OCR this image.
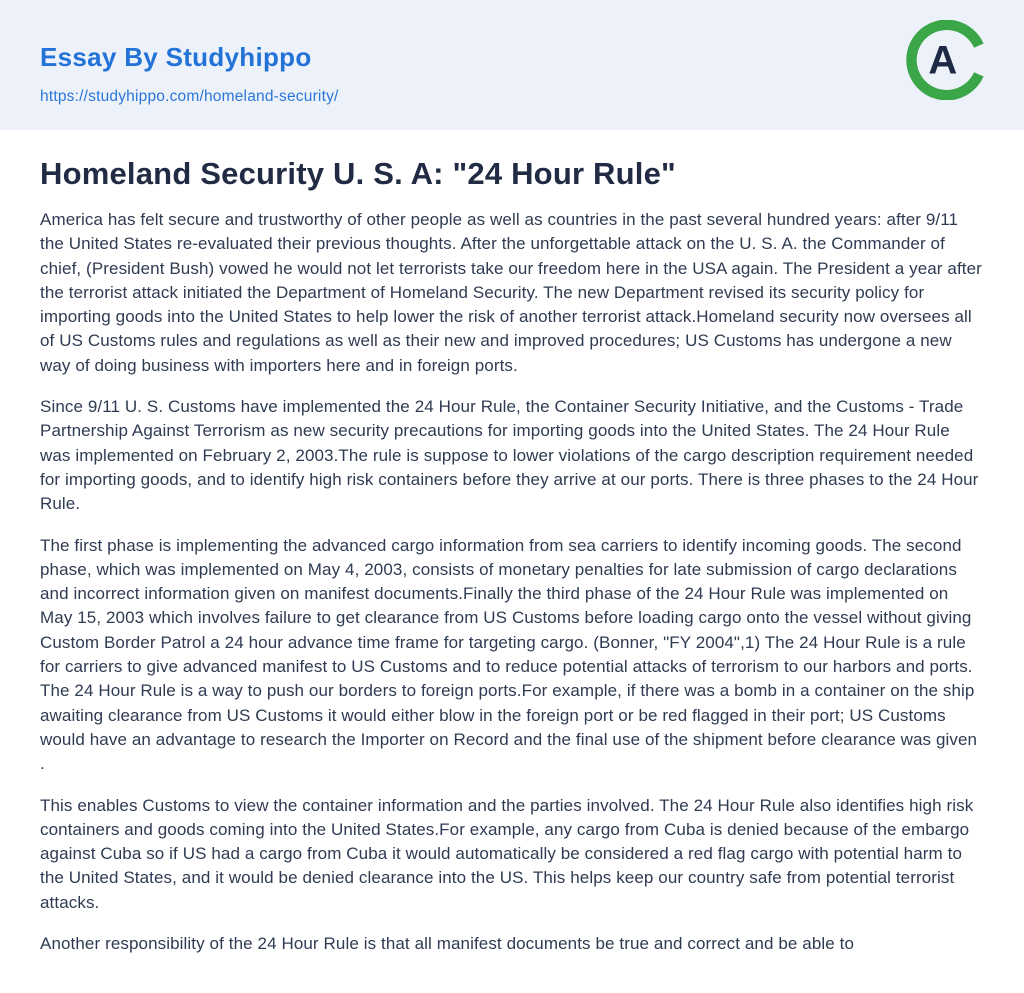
Essay By Studyhippo
https://studyhippo.com/homeland-security/
A
Homeland Security U. S. A: "24 Hour Rule"

America has felt secure and trustworthy of other people as well as countries in the past several hundred years: after 9/11 the United States re-evaluated their previous thoughts. After the unforgettable attack on the U. S. A. the Commander of chief, (President Bush) vowed he would not let terrorists take our freedom here in the USA again. The President a year after the terrorist attack initiated the Department of Homeland Security. The new Department revised its security policy for importing goods into the United States to help lower the risk of another terrorist attack.Homeland security now oversees all of US Customs rules and regulations as well as their new and improved procedures; US Customs has undergone a new way of doing business with importers here and in foreign ports.

Since 9/11 U. S. Customs have implemented the 24 Hour Rule, the Container Security Initiative, and the Customs - Trade Partnership Against Terrorism as new security precautions for importing goods into the United States. The 24 Hour Rule was implemented on February 2, 2003.The rule is suppose to lower violations of the cargo description requirement needed for importing goods, and to identify high risk containers before they arrive at our ports. There is three phases to the 24 Hour Rule.

The first phase is implementing the advanced cargo information from sea carriers to identify incoming goods. The second phase, which was implemented on May 4, 2003, consists of monetary penalties for late submission of cargo declarations and incorrect information given on manifest documents.Finally the third phase of the 24 Hour Rule was implemented on May 15, 2003 which involves failure to get clearance from US Customs before loading cargo onto the vessel without giving Custom Border Patrol a 24 hour advance time frame for targeting cargo. (Bonner, "FY 2004",1) The 24 Hour Rule is a rule for carriers to give advanced manifest to US Customs and to reduce potential attacks of terrorism to our harbors and ports. The 24 Hour Rule is a way to push our borders to foreign ports.For example, if there was a bomb in a container on the ship awaiting clearance from US Customs it would either blow in the foreign port or be red flagged in their port; US Customs would have an advantage to research the Importer on Record and the final use of the shipment before clearance was given .

This enables Customs to view the container information and the parties involved. The 24 Hour Rule also identifies high risk containers and goods coming into the United States.For example, any cargo from Cuba is denied because of the embargo against Cuba so if US had a cargo from Cuba it would automatically be considered a red flag cargo with potential harm to the United States, and it would be denied clearance into the US. This helps keep our country safe from potential terrorist attacks.

Another responsibility of the 24 Hour Rule is that all manifest documents be true and correct and be able to
